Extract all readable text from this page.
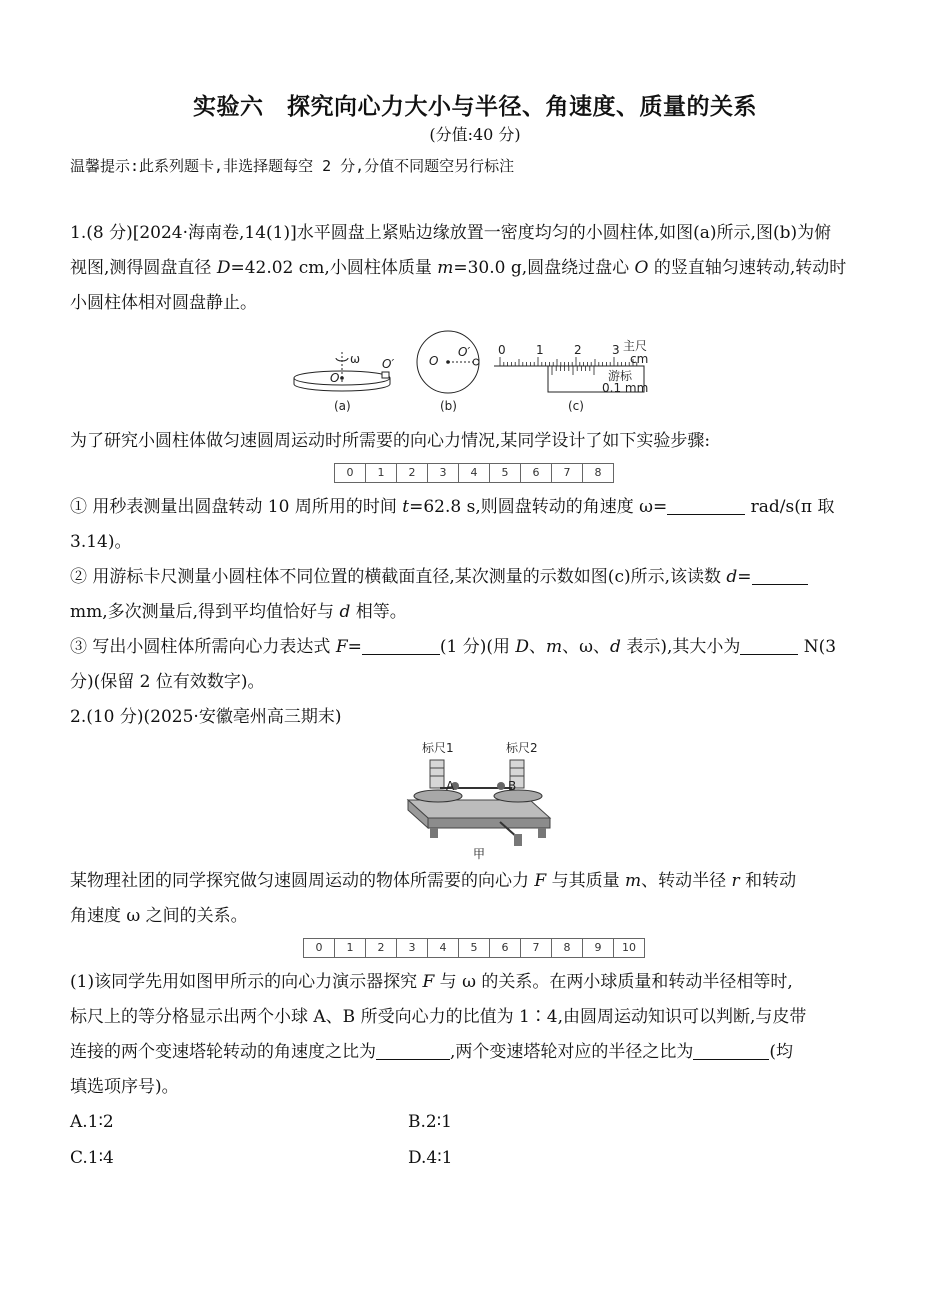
实验六　探究向心力大小与半径、角速度、质量的关系
(分值:40 分)
温馨提示:此系列题卡,非选择题每空 2 分,分值不同题空另行标注
1.(8 分)[2024·海南卷,14(1)]水平圆盘上紧贴边缘放置一密度均匀的小圆柱体,如图(a)所示,图(b)为俯
视图,测得圆盘直径 D=42.02 cm,小圆柱体质量 m=30.0 g,圆盘绕过盘心 O 的竖直轴匀速转动,转动时
小圆柱体相对圆盘静止。
ω
O
O′
(a)
O
O′
(b)
0	1	2	3 主尺
cm
游标
0.1 mm
(c)
为了研究小圆柱体做匀速圆周运动时所需要的向心力情况,某同学设计了如下实验步骤:
0	1	2	3	4	5	6	7	8
① 用秒表测量出圆盘转动 10 周所用的时间 t=62.8 s,则圆盘转动的角速度 ω=	rad/s(π 取
3.14)。
② 用游标卡尺测量小圆柱体不同位置的横截面直径,某次测量的示数如图(c)所示,该读数 d=
mm,多次测量后,得到平均值恰好与 d 相等。
③ 写出小圆柱体所需向心力表达式 F=	(1 分)(用 D、m、ω、d 表示),其大小为	N(3
分)(保留 2 位有效数字)。
2.(10 分)(2025·安徽亳州高三期末)
标尺1	标尺2
A	B
甲
某物理社团的同学探究做匀速圆周运动的物体所需要的向心力 F 与其质量 m、转动半径 r 和转动
角速度 ω 之间的关系。
0	1	2	3	4	5	6	7	8	9	10
(1)该同学先用如图甲所示的向心力演示器探究 F 与 ω 的关系。在两小球质量和转动半径相等时,
标尺上的等分格显示出两个小球 A、B 所受向心力的比值为 1∶4,由圆周运动知识可以判断,与皮带
连接的两个变速塔轮转动的角速度之比为	,两个变速塔轮对应的半径之比为	(均
填选项序号)。
A.1∶2	B.2∶1
C.1∶4	D.4∶1
